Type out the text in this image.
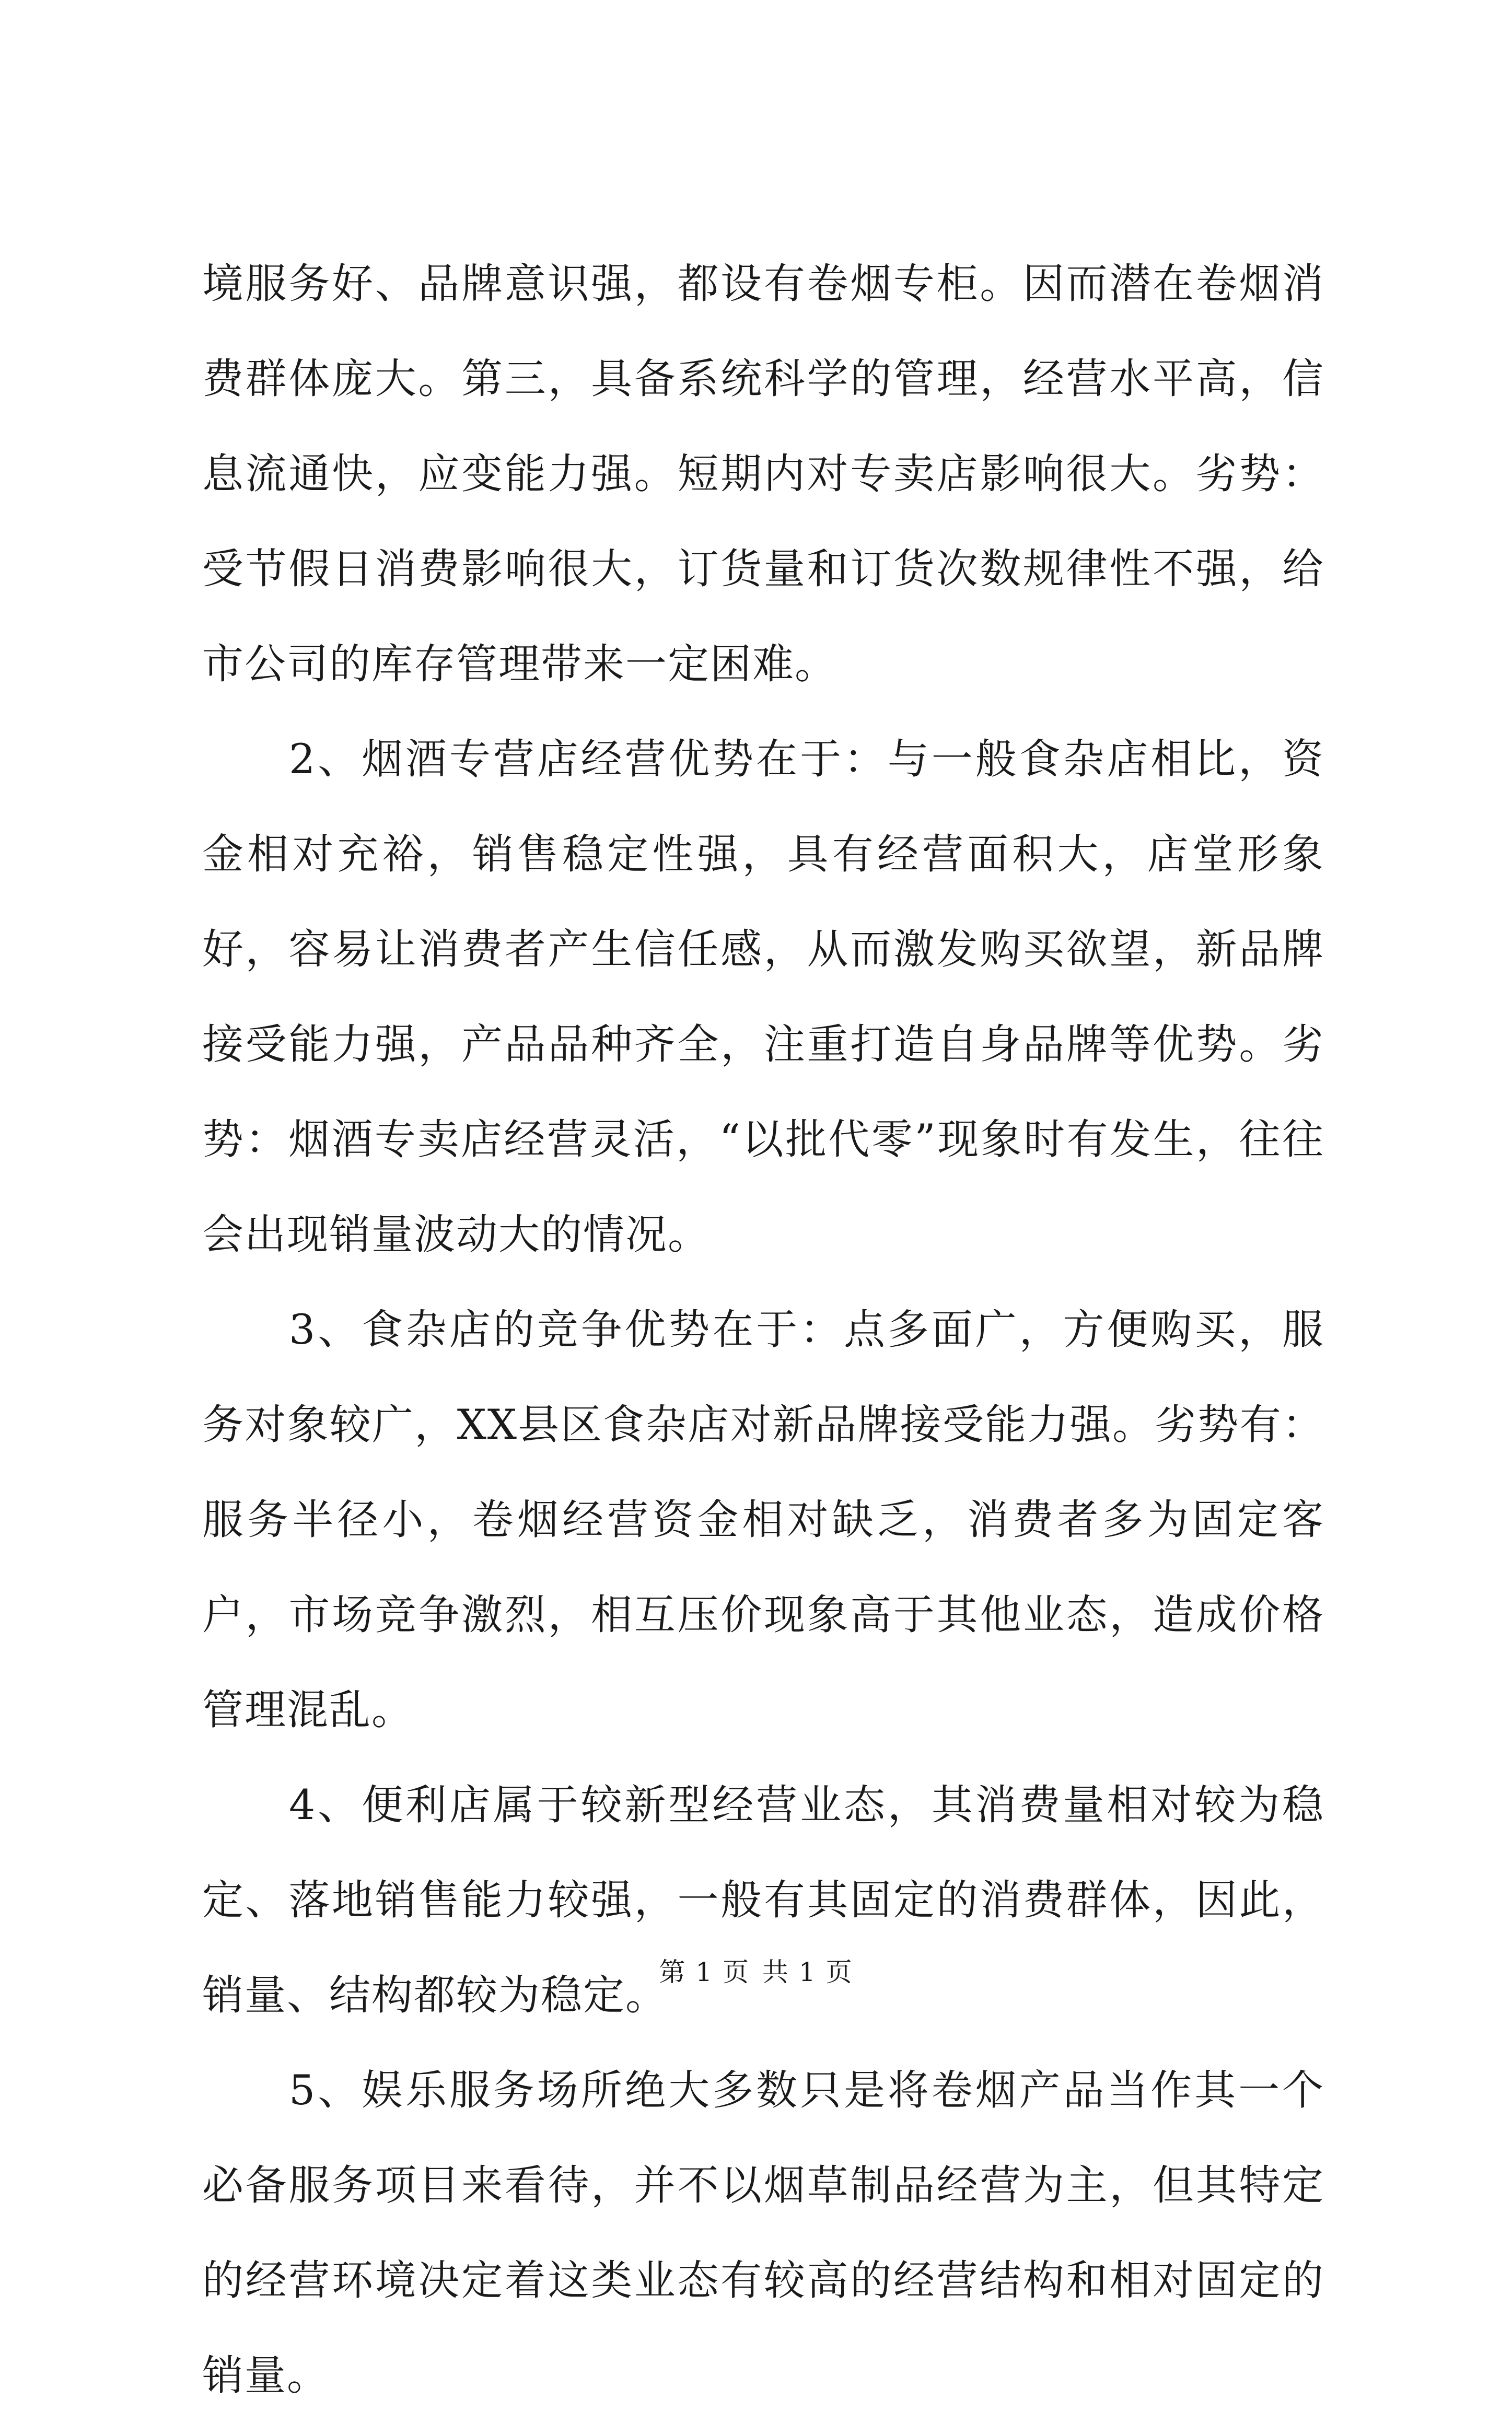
境服务好、品牌意识强，都设有卷烟专柜。因而潜在卷烟消费群体庞大。第三，具备系统科学的管理，经营水平高，信息流通快，应变能力强。短期内对专卖店影响很大。劣势：受节假日消费影响很大，订货量和订货次数规律性不强，给市公司的库存管理带来一定困难。

2、烟酒专营店经营优势在于：与一般食杂店相比，资金相对充裕，销售稳定性强，具有经营面积大，店堂形象好，容易让消费者产生信任感，从而激发购买欲望，新品牌接受能力强，产品品种齐全，注重打造自身品牌等优势。劣势：烟酒专卖店经营灵活，“以批代零”现象时有发生，往往会出现销量波动大的情况。

3、食杂店的竞争优势在于：点多面广，方便购买，服务对象较广，XX县区食杂店对新品牌接受能力强。劣势有：服务半径小，卷烟经营资金相对缺乏，消费者多为固定客户，市场竞争激烈，相互压价现象高于其他业态，造成价格管理混乱。

4、便利店属于较新型经营业态，其消费量相对较为稳定、落地销售能力较强，一般有其固定的消费群体，因此，销量、结构都较为稳定。

5、娱乐服务场所绝大多数只是将卷烟产品当作其一个必备服务项目来看待，并不以烟草制品经营为主，但其特定的经营环境决定着这类业态有较高的经营结构和相对固定的销量。

第 1 页 共 1 页
